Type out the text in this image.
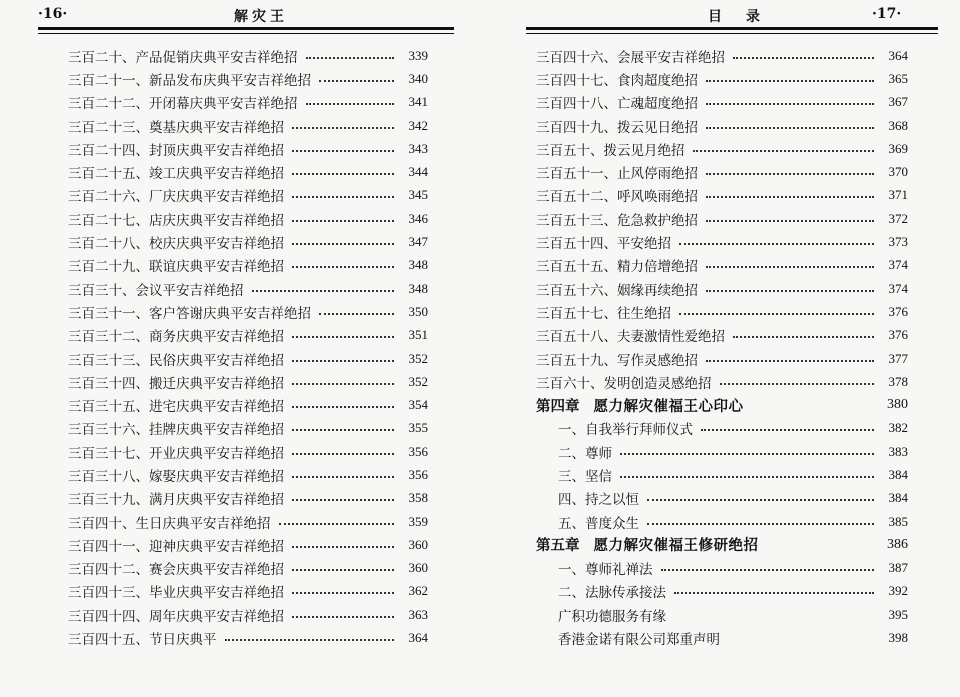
·16·	解灾王
三百二十、产品促销庆典平安吉祥绝招	339
三百二十一、新品发布庆典平安吉祥绝招	340
三百二十二、开闭幕庆典平安吉祥绝招	341
三百二十三、奠基庆典平安吉祥绝招	342
三百二十四、封顶庆典平安吉祥绝招	343
三百二十五、竣工庆典平安吉祥绝招	344
三百二十六、厂庆庆典平安吉祥绝招	345
三百二十七、店庆庆典平安吉祥绝招	346
三百二十八、校庆庆典平安吉祥绝招	347
三百二十九、联谊庆典平安吉祥绝招	348
三百三十、会议平安吉祥绝招	348
三百三十一、客户答谢庆典平安吉祥绝招	350
三百三十二、商务庆典平安吉祥绝招	351
三百三十三、民俗庆典平安吉祥绝招	352
三百三十四、搬迁庆典平安吉祥绝招	352
三百三十五、进宅庆典平安吉祥绝招	354
三百三十六、挂牌庆典平安吉祥绝招	355
三百三十七、开业庆典平安吉祥绝招	356
三百三十八、嫁娶庆典平安吉祥绝招	356
三百三十九、满月庆典平安吉祥绝招	358
三百四十、生日庆典平安吉祥绝招	359
三百四十一、迎神庆典平安吉祥绝招	360
三百四十二、赛会庆典平安吉祥绝招	360
三百四十三、毕业庆典平安吉祥绝招	362
三百四十四、周年庆典平安吉祥绝招	363
三百四十五、节日庆典平	364
目录	·17·
三百四十六、会展平安吉祥绝招	364
三百四十七、食肉超度绝招	365
三百四十八、亡魂超度绝招	367
三百四十九、拨云见日绝招	368
三百五十、拨云见月绝招	369
三百五十一、止风停雨绝招	370
三百五十二、呼风唤雨绝招	371
三百五十三、危急救护绝招	372
三百五十四、平安绝招	373
三百五十五、精力倍增绝招	374
三百五十六、姻缘再续绝招	374
三百五十七、往生绝招	376
三百五十八、夫妻激情性爱绝招	376
三百五十九、写作灵感绝招	377
三百六十、发明创造灵感绝招	378
第四章 愿力解灾催福王心印心	380
一、自我举行拜师仪式	382
二、尊师	383
三、坚信	384
四、持之以恒	384
五、普度众生	385
第五章 愿力解灾催福王修研绝招	386
一、尊师礼禅法	387
二、法脉传承接法	392
广积功德服务有缘	395
香港金诺有限公司郑重声明	398
